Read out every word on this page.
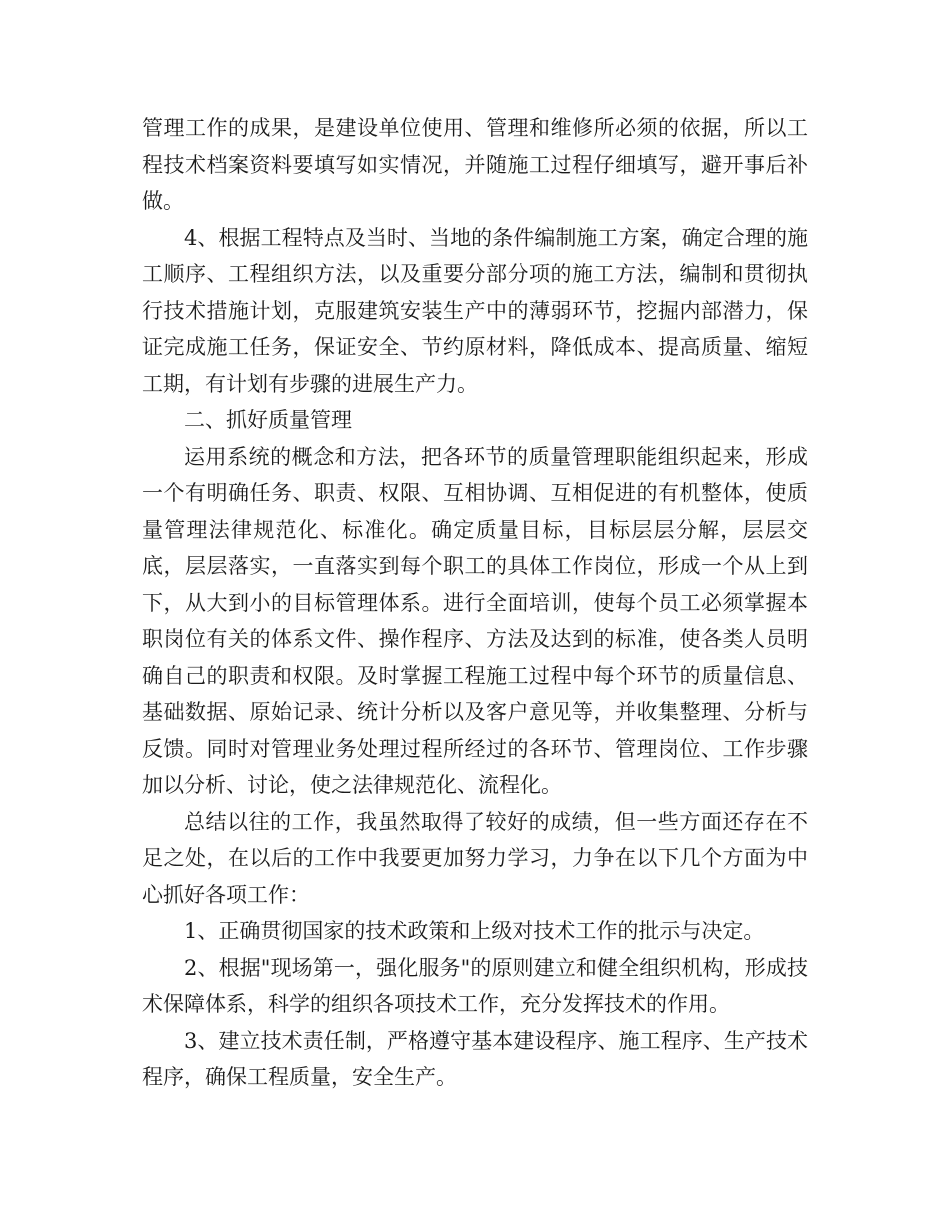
管理工作的成果，是建设单位使用、管理和维修所必须的依据，所以工程技术档案资料要填写如实情况，并随施工过程仔细填写，避开事后补做。

4、根据工程特点及当时、当地的条件编制施工方案，确定合理的施工顺序、工程组织方法，以及重要分部分项的施工方法，编制和贯彻执行技术措施计划，克服建筑安装生产中的薄弱环节，挖掘内部潜力，保证完成施工任务，保证安全、节约原材料，降低成本、提高质量、缩短工期，有计划有步骤的进展生产力。

二、抓好质量管理

运用系统的概念和方法，把各环节的质量管理职能组织起来，形成一个有明确任务、职责、权限、互相协调、互相促进的有机整体，使质量管理法律规范化、标准化。确定质量目标，目标层层分解，层层交底，层层落实，一直落实到每个职工的具体工作岗位，形成一个从上到下，从大到小的目标管理体系。进行全面培训，使每个员工必须掌握本职岗位有关的体系文件、操作程序、方法及达到的标准，使各类人员明确自己的职责和权限。及时掌握工程施工过程中每个环节的质量信息、基础数据、原始记录、统计分析以及客户意见等，并收集整理、分析与反馈。同时对管理业务处理过程所经过的各环节、管理岗位、工作步骤加以分析、讨论，使之法律规范化、流程化。

总结以往的工作，我虽然取得了较好的成绩，但一些方面还存在不足之处，在以后的工作中我要更加努力学习，力争在以下几个方面为中心抓好各项工作：

1、正确贯彻国家的技术政策和上级对技术工作的批示与决定。

2、根据"现场第一，强化服务"的原则建立和健全组织机构，形成技术保障体系，科学的组织各项技术工作，充分发挥技术的作用。

3、建立技术责任制，严格遵守基本建设程序、施工程序、生产技术程序，确保工程质量，安全生产。
